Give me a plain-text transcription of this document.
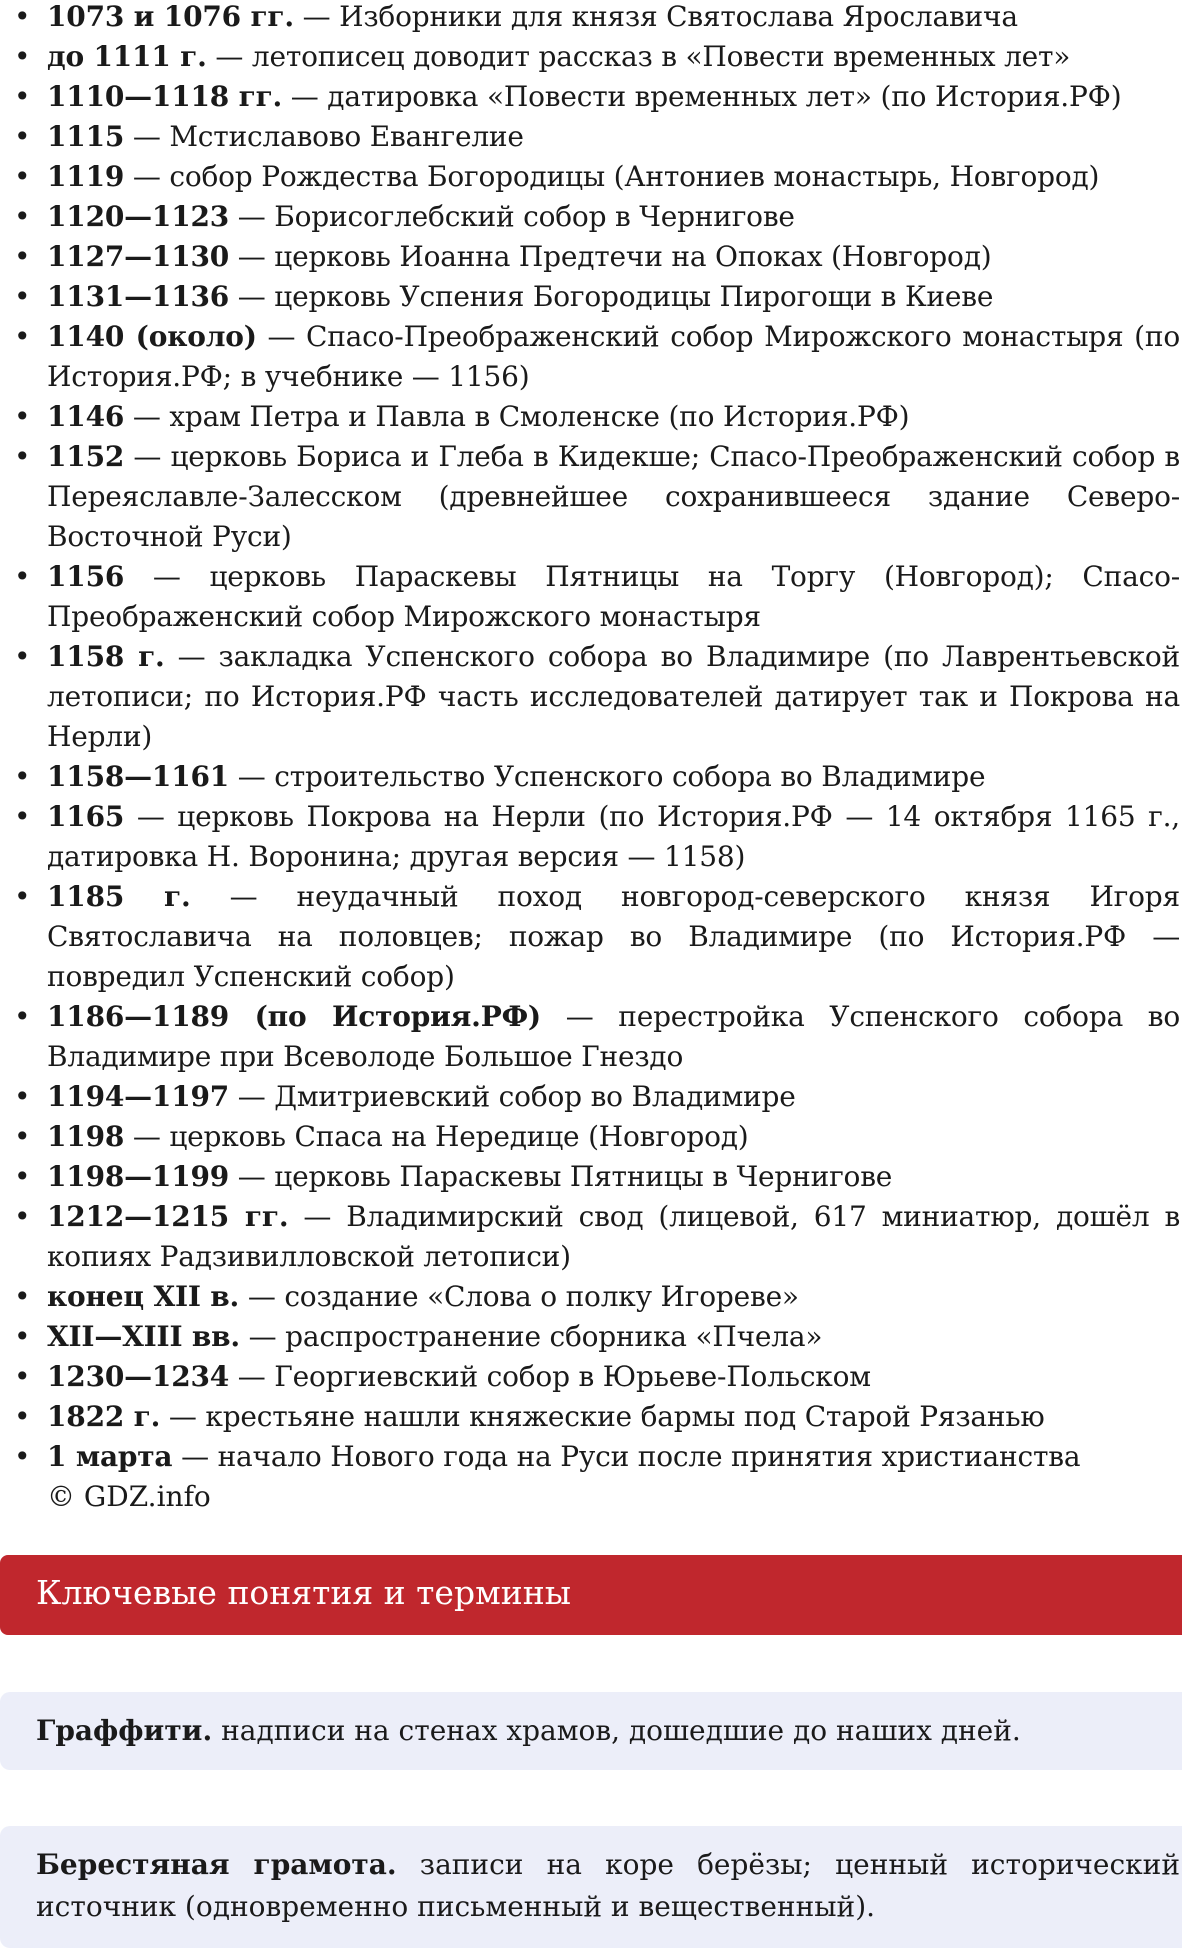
• 1073 и 1076 гг. — Изборники для князя Святослава Ярославича
• до 1111 г. — летописец доводит рассказ в «Повести временных лет»
• 1110—1118 гг. — датировка «Повести временных лет» (по История.РФ)
• 1115 — Мстиславово Евангелие
• 1119 — собор Рождества Богородицы (Антониев монастырь, Новгород)
• 1120—1123 — Борисоглебский собор в Чернигове
• 1127—1130 — церковь Иоанна Предтечи на Опоках (Новгород)
• 1131—1136 — церковь Успения Богородицы Пирогощи в Киеве
• 1140 (около) — Спасо-Преображенский собор Мирожского монастыря (по История.РФ; в учебнике — 1156)
• 1146 — храм Петра и Павла в Смоленске (по История.РФ)
• 1152 — церковь Бориса и Глеба в Кидекше; Спасо-Преображенский собор в Переяславле-Залесском (древнейшее сохранившееся здание Северо-Восточной Руси)
• 1156 — церковь Параскевы Пятницы на Торгу (Новгород); Спасо-Преображенский собор Мирожского монастыря
• 1158 г. — закладка Успенского собора во Владимире (по Лаврентьевской летописи; по История.РФ часть исследователей датирует так и Покрова на Нерли)
• 1158—1161 — строительство Успенского собора во Владимире
• 1165 — церковь Покрова на Нерли (по История.РФ — 14 октября 1165 г., датировка Н. Воронина; другая версия — 1158)
• 1185 г. — неудачный поход новгород-северского князя Игоря Святославича на половцев; пожар во Владимире (по История.РФ — повредил Успенский собор)
• 1186—1189 (по История.РФ) — перестройка Успенского собора во Владимире при Всеволоде Большое Гнездо
• 1194—1197 — Дмитриевский собор во Владимире
• 1198 — церковь Спаса на Нередице (Новгород)
• 1198—1199 — церковь Параскевы Пятницы в Чернигове
• 1212—1215 гг. — Владимирский свод (лицевой, 617 миниатюр, дошёл в копиях Радзивилловской летописи)
• конец XII в. — создание «Слова о полку Игореве»
• XII—XIII вв. — распространение сборника «Пчела»
• 1230—1234 — Георгиевский собор в Юрьеве-Польском
• 1822 г. — крестьяне нашли княжеские бармы под Старой Рязанью
• 1 марта — начало Нового года на Руси после принятия христианства
© GDZ.info
Ключевые понятия и термины
Граффити. надписи на стенах храмов, дошедшие до наших дней.
Берестяная грамота. записи на коре берёзы; ценный исторический источник (одновременно письменный и вещественный).
